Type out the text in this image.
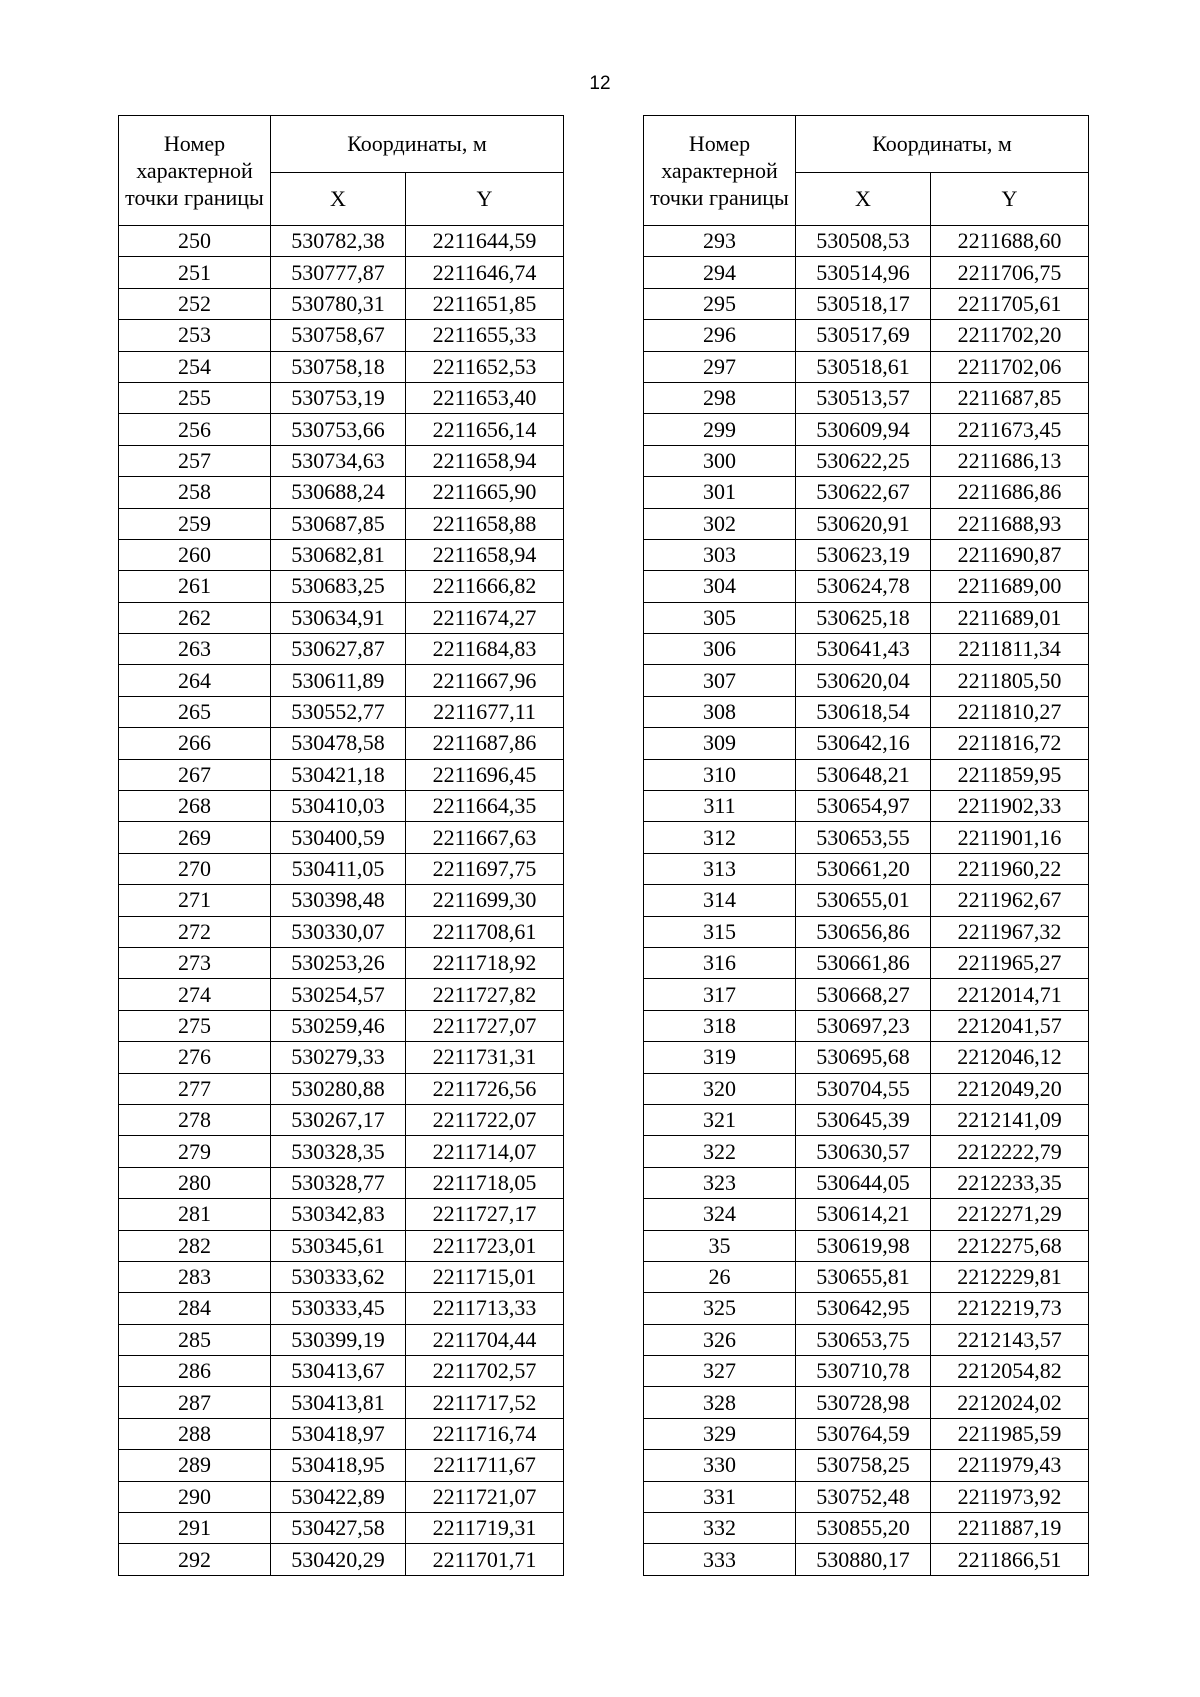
12
Номер характерной точки границы	Координаты, м	
	X	Y
250	530782,38	2211644,59
251	530777,87	2211646,74
252	530780,31	2211651,85
253	530758,67	2211655,33
254	530758,18	2211652,53
255	530753,19	2211653,40
256	530753,66	2211656,14
257	530734,63	2211658,94
258	530688,24	2211665,90
259	530687,85	2211658,88
260	530682,81	2211658,94
261	530683,25	2211666,82
262	530634,91	2211674,27
263	530627,87	2211684,83
264	530611,89	2211667,96
265	530552,77	2211677,11
266	530478,58	2211687,86
267	530421,18	2211696,45
268	530410,03	2211664,35
269	530400,59	2211667,63
270	530411,05	2211697,75
271	530398,48	2211699,30
272	530330,07	2211708,61
273	530253,26	2211718,92
274	530254,57	2211727,82
275	530259,46	2211727,07
276	530279,33	2211731,31
277	530280,88	2211726,56
278	530267,17	2211722,07
279	530328,35	2211714,07
280	530328,77	2211718,05
281	530342,83	2211727,17
282	530345,61	2211723,01
283	530333,62	2211715,01
284	530333,45	2211713,33
285	530399,19	2211704,44
286	530413,67	2211702,57
287	530413,81	2211717,52
288	530418,97	2211716,74
289	530418,95	2211711,67
290	530422,89	2211721,07
291	530427,58	2211719,31
292	530420,29	2211701,71
Номер характерной точки границы	Координаты, м	
	X	Y
293	530508,53	2211688,60
294	530514,96	2211706,75
295	530518,17	2211705,61
296	530517,69	2211702,20
297	530518,61	2211702,06
298	530513,57	2211687,85
299	530609,94	2211673,45
300	530622,25	2211686,13
301	530622,67	2211686,86
302	530620,91	2211688,93
303	530623,19	2211690,87
304	530624,78	2211689,00
305	530625,18	2211689,01
306	530641,43	2211811,34
307	530620,04	2211805,50
308	530618,54	2211810,27
309	530642,16	2211816,72
310	530648,21	2211859,95
311	530654,97	2211902,33
312	530653,55	2211901,16
313	530661,20	2211960,22
314	530655,01	2211962,67
315	530656,86	2211967,32
316	530661,86	2211965,27
317	530668,27	2212014,71
318	530697,23	2212041,57
319	530695,68	2212046,12
320	530704,55	2212049,20
321	530645,39	2212141,09
322	530630,57	2212222,79
323	530644,05	2212233,35
324	530614,21	2212271,29
35	530619,98	2212275,68
26	530655,81	2212229,81
325	530642,95	2212219,73
326	530653,75	2212143,57
327	530710,78	2212054,82
328	530728,98	2212024,02
329	530764,59	2211985,59
330	530758,25	2211979,43
331	530752,48	2211973,92
332	530855,20	2211887,19
333	530880,17	2211866,51
